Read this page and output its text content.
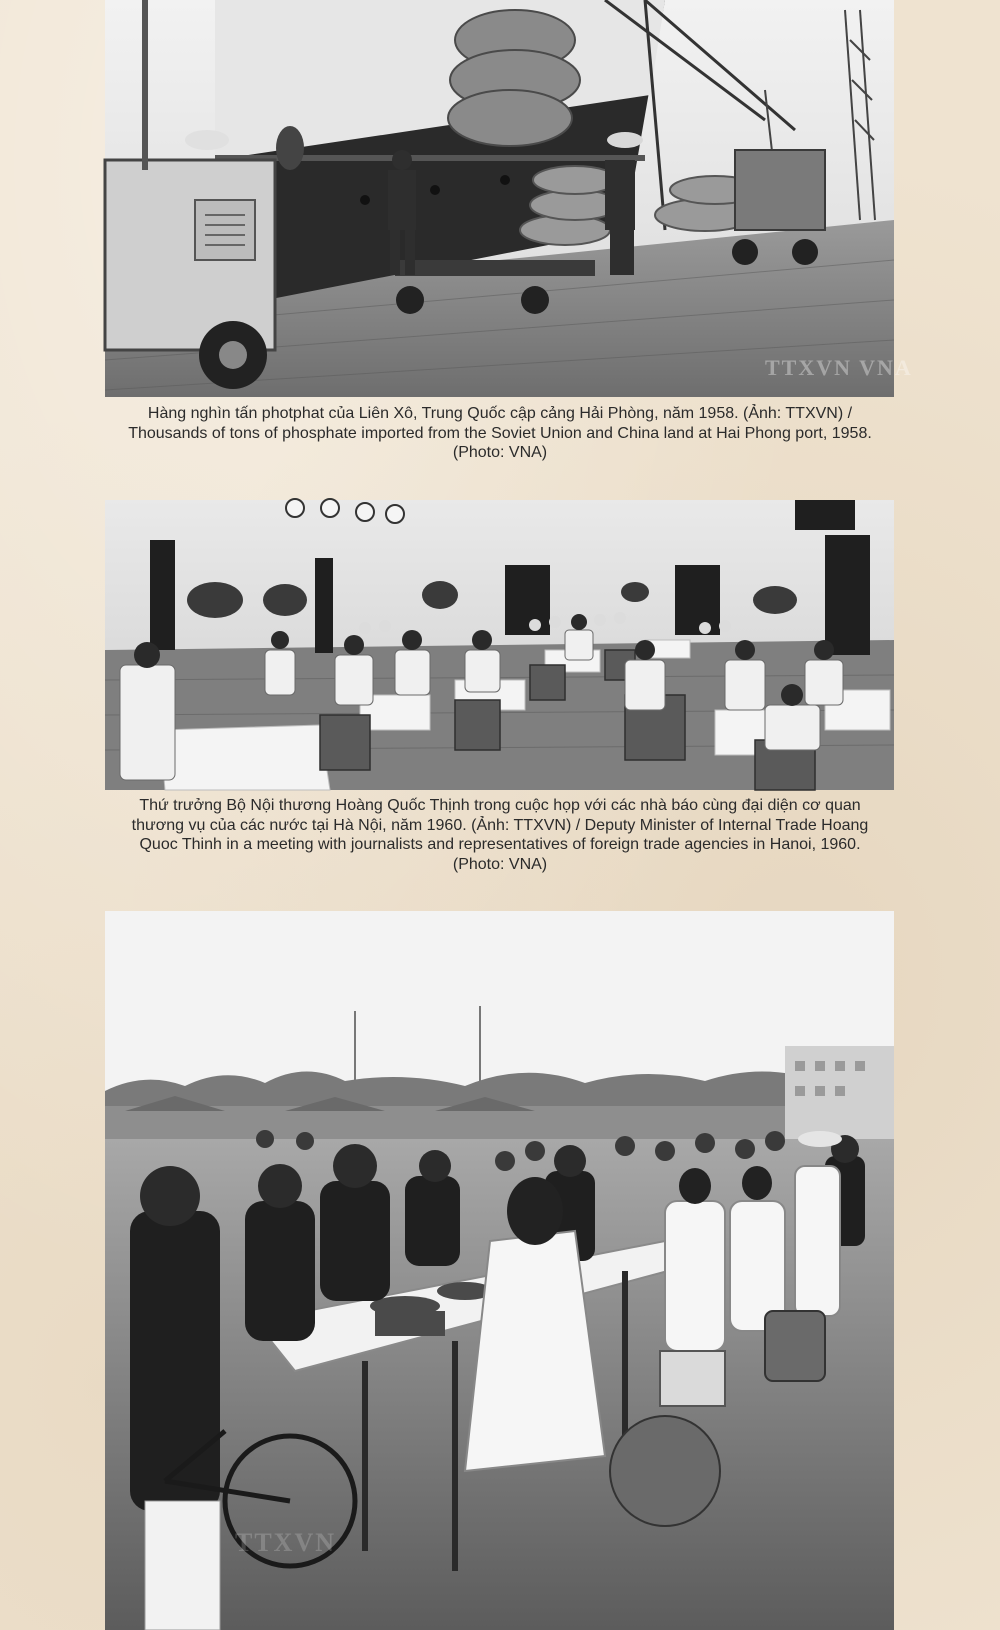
TTXVN VNA

Hàng nghìn tấn photphat của Liên Xô, Trung Quốc cập cảng Hải Phòng, năm 1958. (Ảnh: TTXVN) / Thousands of tons of phosphate imported from the Soviet Union and China land at Hai Phong port, 1958. (Photo: VNA)

Thứ trưởng Bộ Nội thương Hoàng Quốc Thịnh trong cuộc họp với các nhà báo cùng đại diện cơ quan thương vụ của các nước tại Hà Nội, năm 1960. (Ảnh: TTXVN) / Deputy Minister of Internal Trade Hoang Quoc Thinh in a meeting with journalists and representatives of foreign trade agencies in Hanoi, 1960. (Photo: VNA)

TTXVN
